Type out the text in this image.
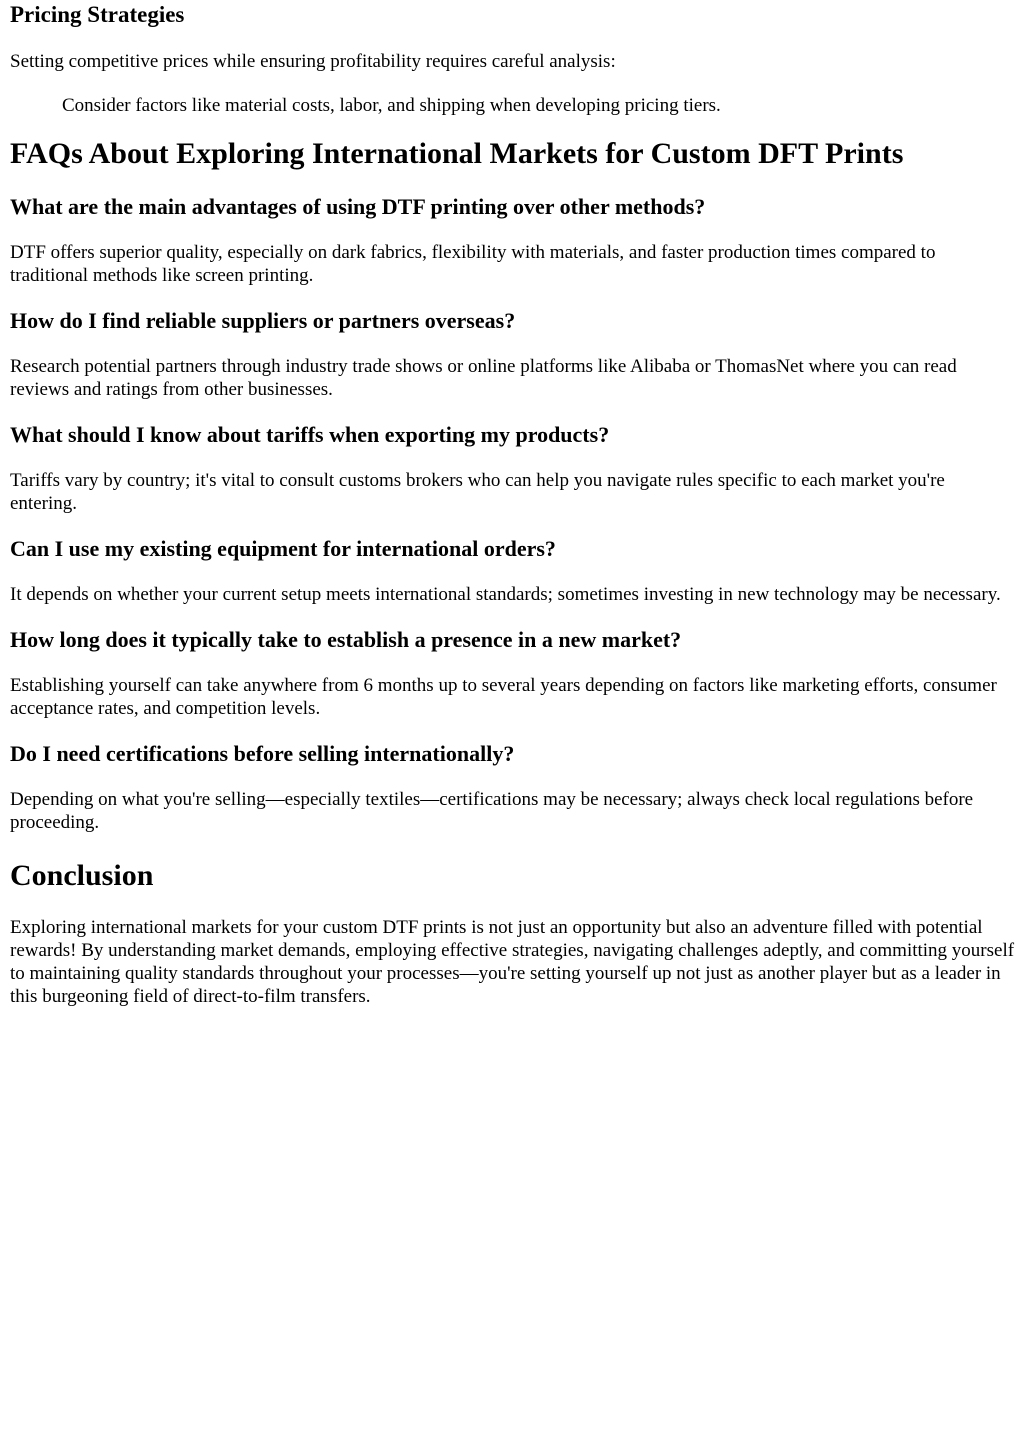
Pricing Strategies

Setting competitive prices while ensuring profitability requires careful analysis:

Consider factors like material costs, labor, and shipping when developing pricing tiers.

FAQs About Exploring International Markets for Custom DFT Prints
What are the main advantages of using DTF printing over other methods?

DTF offers superior quality, especially on dark fabrics, flexibility with materials, and faster production times compared to traditional methods like screen printing.

How do I find reliable suppliers or partners overseas?

Research potential partners through industry trade shows or online platforms like Alibaba or ThomasNet where you can read reviews and ratings from other businesses.

What should I know about tariffs when exporting my products?

Tariffs vary by country; it's vital to consult customs brokers who can help you navigate rules specific to each market you're entering.

Can I use my existing equipment for international orders?

It depends on whether your current setup meets international standards; sometimes investing in new technology may be necessary.

How long does it typically take to establish a presence in a new market?

Establishing yourself can take anywhere from 6 months up to several years depending on factors like marketing efforts, consumer acceptance rates, and competition levels.

Do I need certifications before selling internationally?

Depending on what you're selling—especially textiles—certifications may be necessary; always check local regulations before proceeding.

Conclusion

Exploring international markets for your custom DTF prints is not just an opportunity but also an adventure filled with potential rewards! By understanding market demands, employing effective strategies, navigating challenges adeptly, and committing yourself to maintaining quality standards throughout your processes—you're setting yourself up not just as another player but as a leader in this burgeoning field of direct-to-film transfers.
